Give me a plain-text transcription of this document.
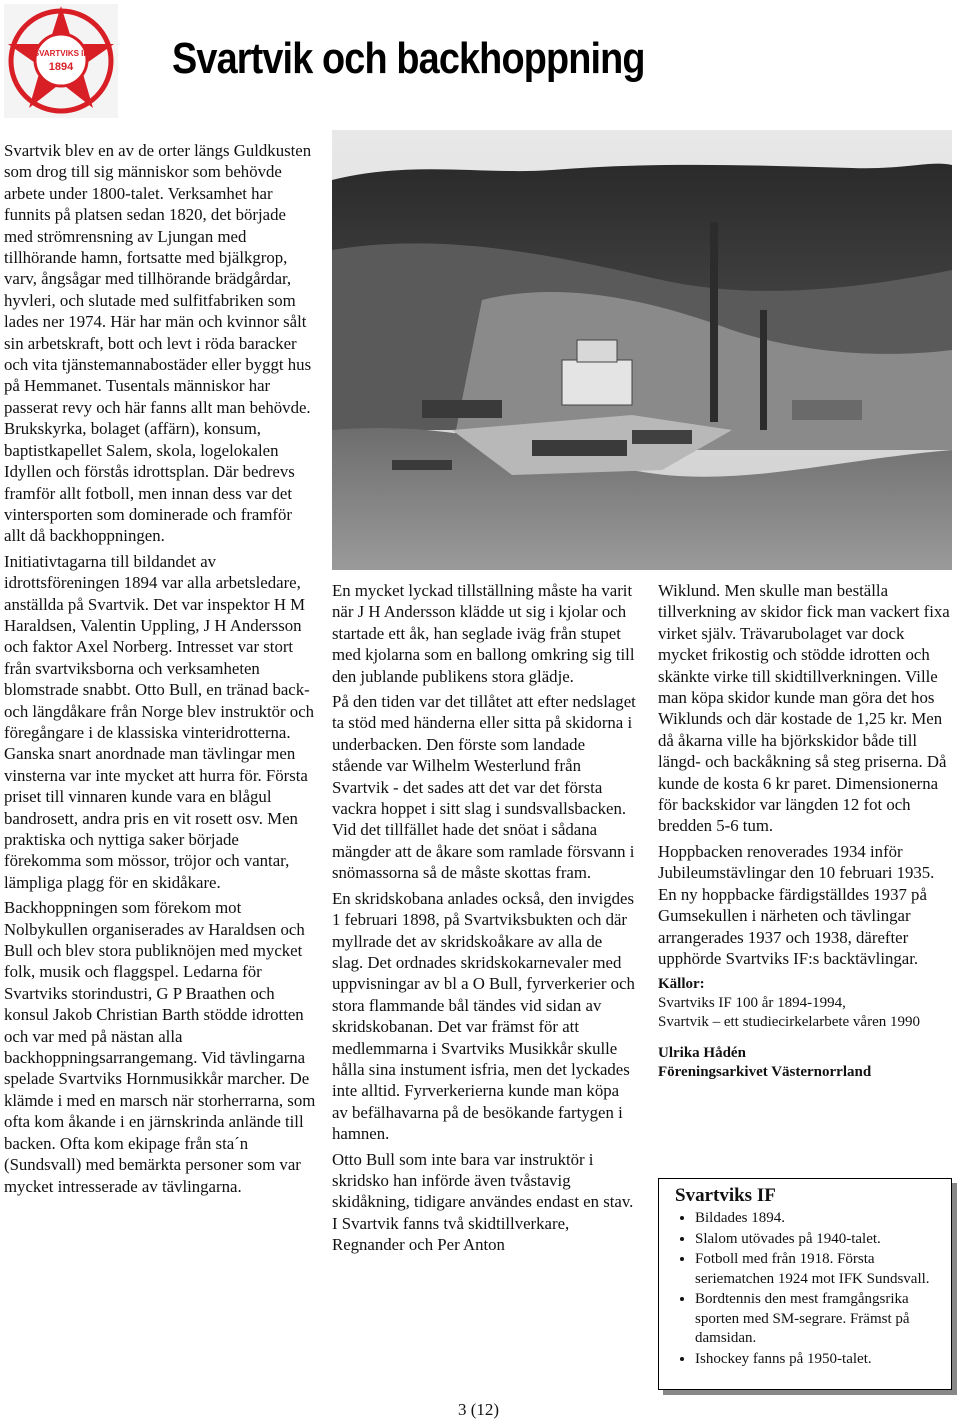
SVARTVIKS IF
1894 Svartvik och backhoppning

Svartvik blev en av de orter längs Guldkusten som drog till sig människor som behövde arbete under 1800-talet. Verksamhet har funnits på platsen sedan 1820, det började med strömrensning av Ljungan med tillhörande hamn, fortsatte med bjälkgrop, varv, ångsågar med tillhörande brädgårdar, hyvleri, och slutade med sulfitfabriken som lades ner 1974. Här har män och kvinnor sålt sin arbetskraft, bott och levt i röda baracker och vita tjänstemannabostäder eller byggt hus på Hemmanet. Tusentals människor har passerat revy och här fanns allt man behövde. Brukskyrka, bolaget (affärn), konsum, baptistkapellet Salem, skola, logelokalen Idyllen och förstås idrottsplan. Där bedrevs framför allt fotboll, men innan dess var det vintersporten som dominerade och framför allt då backhoppningen.

Initiativtagarna till bildandet av idrottsföreningen 1894 var alla arbetsledare, anställda på Svartvik. Det var inspektor H M Haraldsen, Valentin Uppling, J H Andersson och faktor Axel Norberg. Intresset var stort från svartviksborna och verksamheten blomstrade snabbt. Otto Bull, en tränad back- och längdåkare från Norge blev instruktör och föregångare i de klassiska vinteridrotterna. Ganska snart anordnade man tävlingar men vinsterna var inte mycket att hurra för. Första priset till vinnaren kunde vara en blågul bandrosett, andra pris en vit rosett osv. Men praktiska och nyttiga saker började förekomma som mössor, tröjor och vantar, lämpliga plagg för en skidåkare.

Backhoppningen som förekom mot Nolbykullen organiserades av Haraldsen och Bull och blev stora publiknöjen med mycket folk, musik och flaggspel. Ledarna för Svartviks storindustri, G P Braathen och konsul Jakob Christian Barth stödde idrotten och var med på nästan alla backhoppningsarrangemang. Vid tävlingarna spelade Svartviks Hornmusikkår marcher. De klämde i med en marsch när storherrarna, som ofta kom åkande i en järnskrinda anlände till backen. Ofta kom ekipage från sta´n (Sundsvall) med bemärkta personer som var mycket intresserade av tävlingarna.

En mycket lyckad tillställning måste ha varit när J H Andersson klädde ut sig i kjolar och startade ett åk, han seglade iväg från stupet med kjolarna som en ballong omkring sig till den jublande publikens stora glädje.

På den tiden var det tillåtet att efter nedslaget ta stöd med händerna eller sitta på skidorna i underbacken. Den förste som landade stående var Wilhelm Westerlund från Svartvik - det sades att det var det första vackra hoppet i sitt slag i sundsvallsbacken. Vid det tillfället hade det snöat i sådana mängder att de åkare som ramlade försvann i snömassorna så de måste skottas fram.

En skridskobana anlades också, den invigdes 1 februari 1898, på Svartviksbukten och där myllrade det av skridskoåkare av alla de slag. Det ordnades skridskokarnevaler med uppvisningar av bl a O Bull, fyrverkerier och stora flammande bål tändes vid sidan av skridskobanan. Det var främst för att medlemmarna i Svartviks Musikkår skulle hålla sina instument isfria, men det lyckades inte alltid. Fyrverkerierna kunde man köpa av befälhavarna på de besökande fartygen i hamnen.

Otto Bull som inte bara var instruktör i skridsko han införde även tvåstavig skidåkning, tidigare användes endast en stav. I Svartvik fanns två skidtillverkare, Regnander och Per Anton

Wiklund. Men skulle man beställa tillverkning av skidor fick man vackert fixa virket själv. Trävarubolaget var dock mycket frikostig och stödde idrotten och skänkte virke till skidtillverkningen. Ville man köpa skidor kunde man göra det hos Wiklunds och där kostade de 1,25 kr. Men då åkarna ville ha björkskidor både till längd- och backåkning så steg priserna. Då kunde de kosta 6 kr paret. Dimensionerna för backskidor var längden 12 fot och bredden 5-6 tum.

Hoppbacken renoverades 1934 inför Jubileumstävlingar den 10 februari 1935. En ny hoppbacke färdigställdes 1937 på Gumsekullen i närheten och tävlingar arrangerades 1937 och 1938, därefter upphörde Svartviks IF:s backtävlingar.

Källor:
Svartviks IF 100 år 1894-1994,
Svartvik – ett studiecirkelarbete våren 1990
Ulrika Hådén
Föreningsarkivet Västernorrland
Svartviks IF
• Bildades 1894.
• Slalom utövades på 1940-talet.
• Fotboll med från 1918. Första seriematchen 1924 mot IFK Sundsvall.
• Bordtennis den mest framgångsrika sporten med SM-segrare. Främst på damsidan.
• Ishockey fanns på 1950-talet.
3 (12)
